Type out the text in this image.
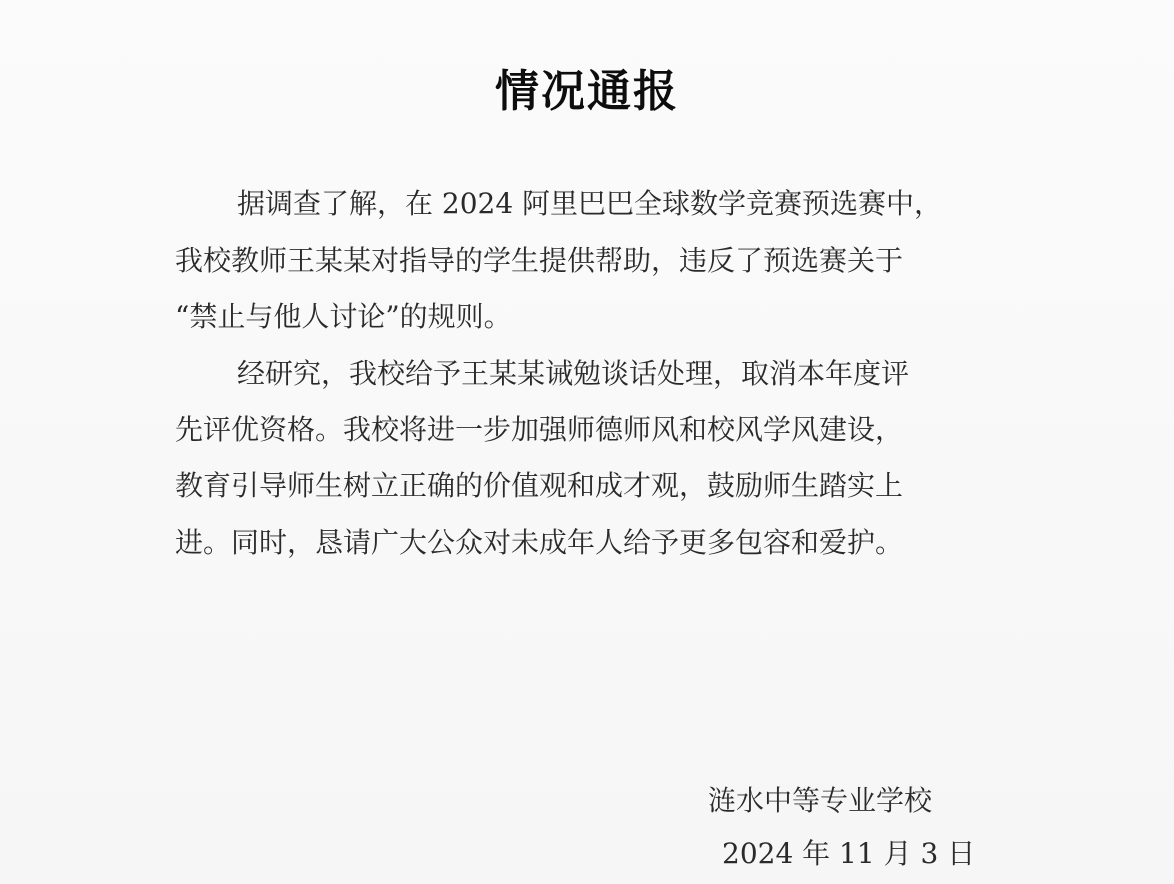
情况通报
据调查了解，在 2024 阿里巴巴全球数学竞赛预选赛中，
我校教师王某某对指导的学生提供帮助，违反了预选赛关于
“禁止与他人讨论”的规则。
经研究，我校给予王某某诫勉谈话处理，取消本年度评
先评优资格。我校将进一步加强师德师风和校风学风建设，
教育引导师生树立正确的价值观和成才观，鼓励师生踏实上
进。同时，恳请广大公众对未成年人给予更多包容和爱护。
涟水中等专业学校
2024 年 11 月 3 日
